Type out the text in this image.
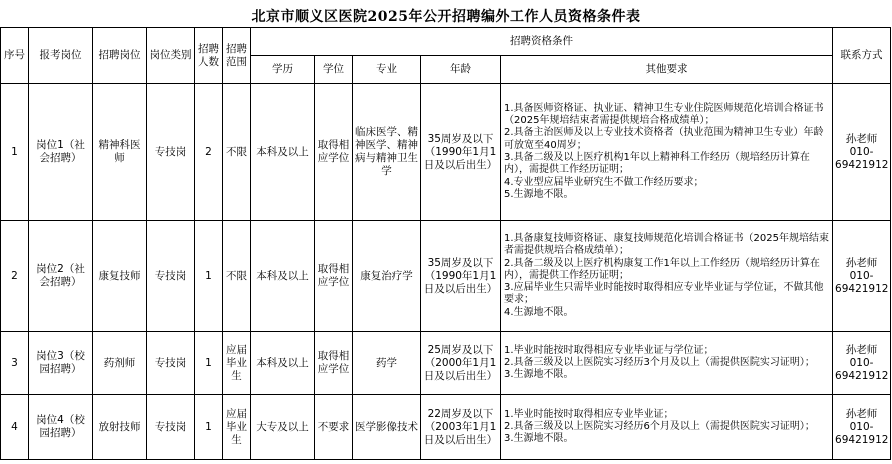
北京市顺义区医院2025年公开招聘编外工作人员资格条件表
序号	报考岗位	招聘岗位	岗位类别	招聘人数	招聘范围	招聘资格条件					联系方式
						学历	学位	专业	年龄	其他要求	
1	岗位1（社会招聘）	精神科医师	专技岗	2	不限	本科及以上	取得相应学位	临床医学、精神医学、精神病与精神卫生学	35周岁及以下（1990年1月1日及以后出生）	1.具备医师资格证、执业证、精神卫生专业住院医师规范化培训合格证书（2025年规培结束者需提供规培合格成绩单）；
2.具备主治医师及以上专业技术资格者（执业范围为精神卫生专业）年龄可放宽至40周岁；
3.具备二级及以上医疗机构1年以上精神科工作经历（规培经历计算在内），需提供工作经历证明；
4.专业型应届毕业研究生不做工作经历要求；
5.生源地不限。	孙老师 010-69421912
2	岗位2（社会招聘）	康复技师	专技岗	1	不限	本科及以上	取得相应学位	康复治疗学	35周岁及以下（1990年1月1日及以后出生）	1.具备康复技师资格证、康复技师规范化培训合格证书（2025年规培结束者需提供规培合格成绩单）；
2.具备二级及以上医疗机构康复工作1年以上工作经历（规培经历计算在内），需提供工作经历证明；
3.应届毕业生只需毕业时能按时取得相应专业毕业证与学位证，不做其他要求；
4.生源地不限。	孙老师 010-69421912
3	岗位3（校园招聘）	药剂师	专技岗	1	应届毕业生	本科及以上	取得相应学位	药学	25周岁及以下（2000年1月1日及以后出生）	1.毕业时能按时取得相应专业毕业证与学位证；
2.具备三级及以上医院实习经历3个月及以上（需提供医院实习证明）；
3.生源地不限。	孙老师 010-69421912
4	岗位4（校园招聘）	放射技师	专技岗	1	应届毕业生	大专及以上	不要求	医学影像技术	22周岁及以下（2003年1月1日及以后出生）	1.毕业时能按时取得相应专业毕业证；
2.具备三级及以上医院实习经历6个月及以上（需提供医院实习证明）；
3.生源地不限。	孙老师 010-69421912
